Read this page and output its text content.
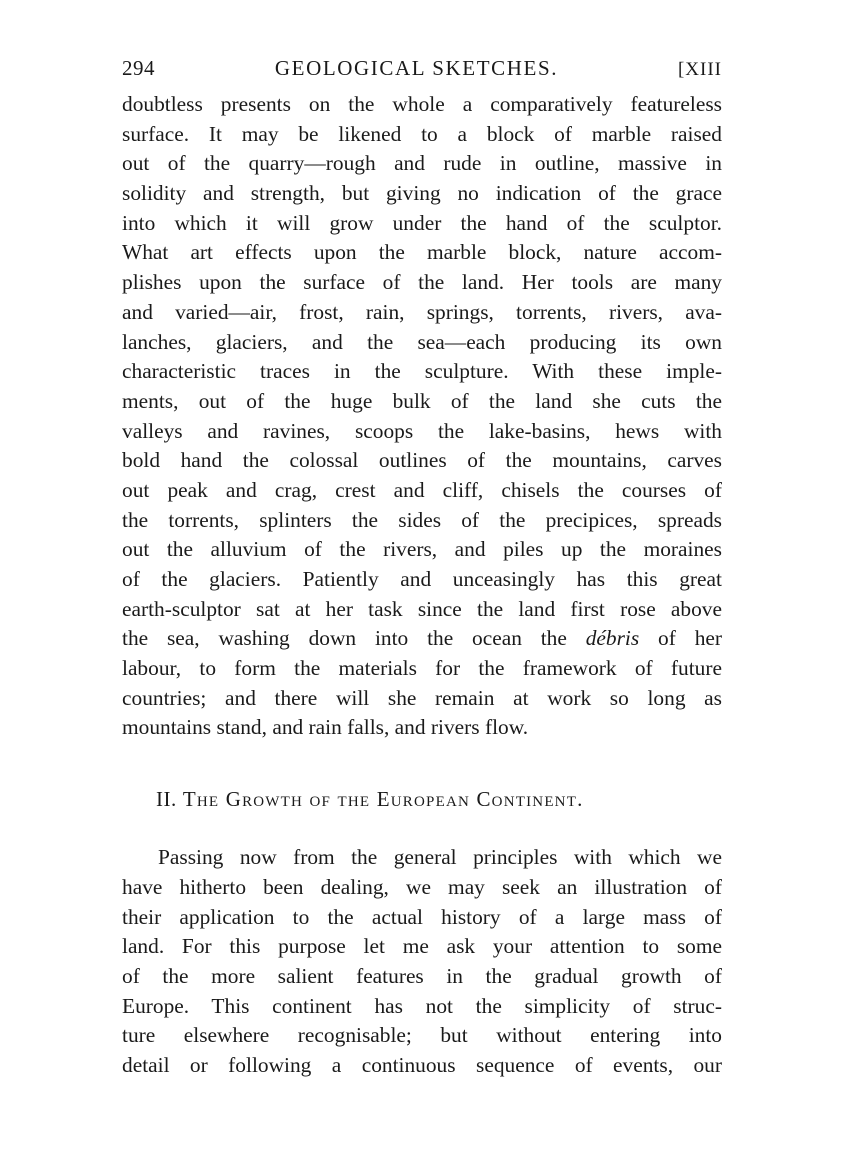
294	GEOLOGICAL SKETCHES.	[XIII
doubtless presents on the whole a comparatively featureless
surface. It may be likened to a block of marble raised
out of the quarry—rough and rude in outline, massive in
solidity and strength, but giving no indication of the grace
into which it will grow under the hand of the sculptor.
What art effects upon the marble block, nature accom-
plishes upon the surface of the land. Her tools are many
and varied—air, frost, rain, springs, torrents, rivers, ava-
lanches, glaciers, and the sea—each producing its own
characteristic traces in the sculpture. With these imple-
ments, out of the huge bulk of the land she cuts the
valleys and ravines, scoops the lake-basins, hews with
bold hand the colossal outlines of the mountains, carves
out peak and crag, crest and cliff, chisels the courses of
the torrents, splinters the sides of the precipices, spreads
out the alluvium of the rivers, and piles up the moraines
of the glaciers. Patiently and unceasingly has this great
earth-sculptor sat at her task since the land first rose above
the sea, washing down into the ocean the débris of her
labour, to form the materials for the framework of future
countries; and there will she remain at work so long as
mountains stand, and rain falls, and rivers flow.
II. The Growth of the European Continent.
Passing now from the general principles with which we
have hitherto been dealing, we may seek an illustration of
their application to the actual history of a large mass of
land. For this purpose let me ask your attention to some
of the more salient features in the gradual growth of
Europe. This continent has not the simplicity of struc-
ture elsewhere recognisable; but without entering into
detail or following a continuous sequence of events, our
